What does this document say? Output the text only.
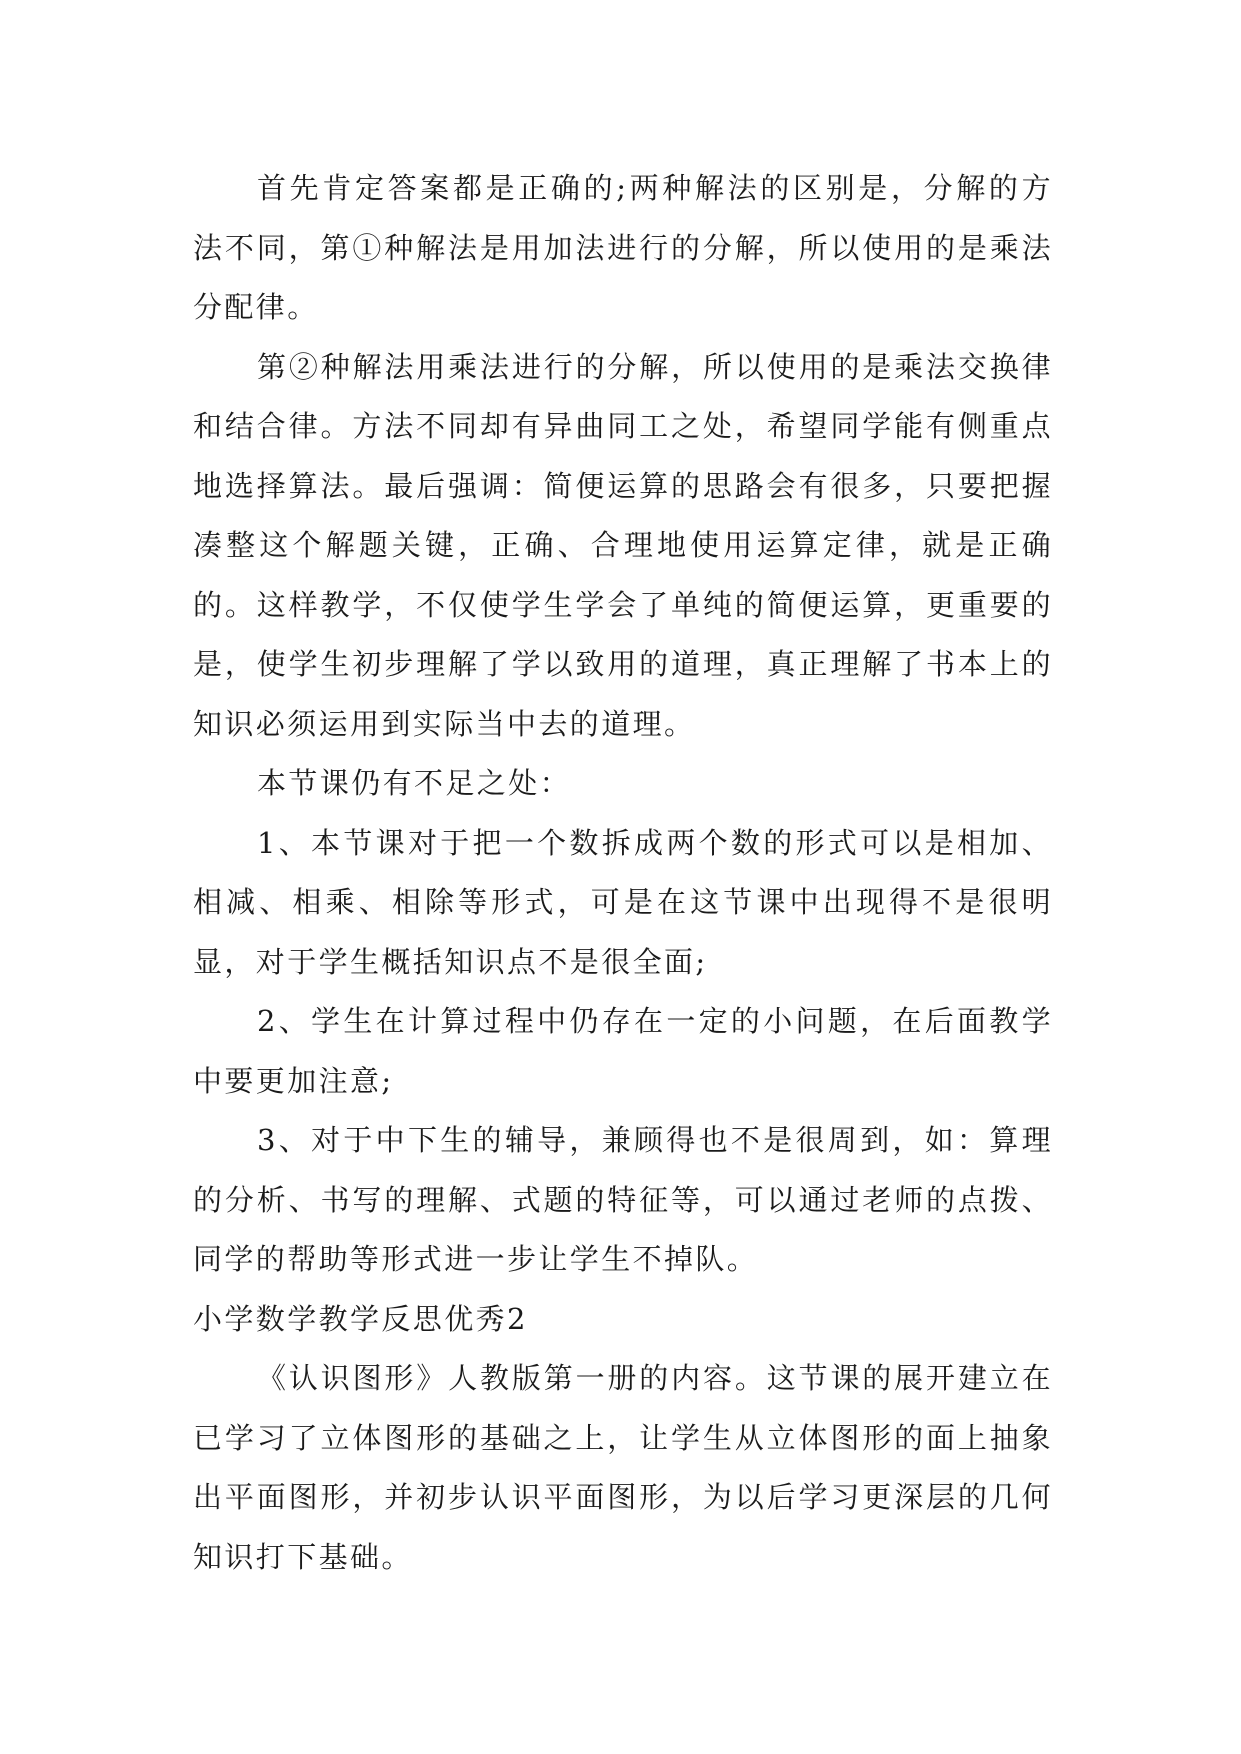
首先肯定答案都是正确的;两种解法的区别是，分解的方法不同，第①种解法是用加法进行的分解，所以使用的是乘法分配律。

第②种解法用乘法进行的分解，所以使用的是乘法交换律和结合律。方法不同却有异曲同工之处，希望同学能有侧重点地选择算法。最后强调：简便运算的思路会有很多，只要把握凑整这个解题关键，正确、合理地使用运算定律，就是正确的。这样教学，不仅使学生学会了单纯的简便运算，更重要的是，使学生初步理解了学以致用的道理，真正理解了书本上的知识必须运用到实际当中去的道理。

本节课仍有不足之处：

1、本节课对于把一个数拆成两个数的形式可以是相加、相减、相乘、相除等形式，可是在这节课中出现得不是很明显，对于学生概括知识点不是很全面;

2、学生在计算过程中仍存在一定的小问题，在后面教学中要更加注意;

3、对于中下生的辅导，兼顾得也不是很周到，如：算理的分析、书写的理解、式题的特征等，可以通过老师的点拨、同学的帮助等形式进一步让学生不掉队。

小学数学教学反思优秀2

《认识图形》人教版第一册的内容。这节课的展开建立在已学习了立体图形的基础之上，让学生从立体图形的面上抽象出平面图形，并初步认识平面图形，为以后学习更深层的几何知识打下基础。
